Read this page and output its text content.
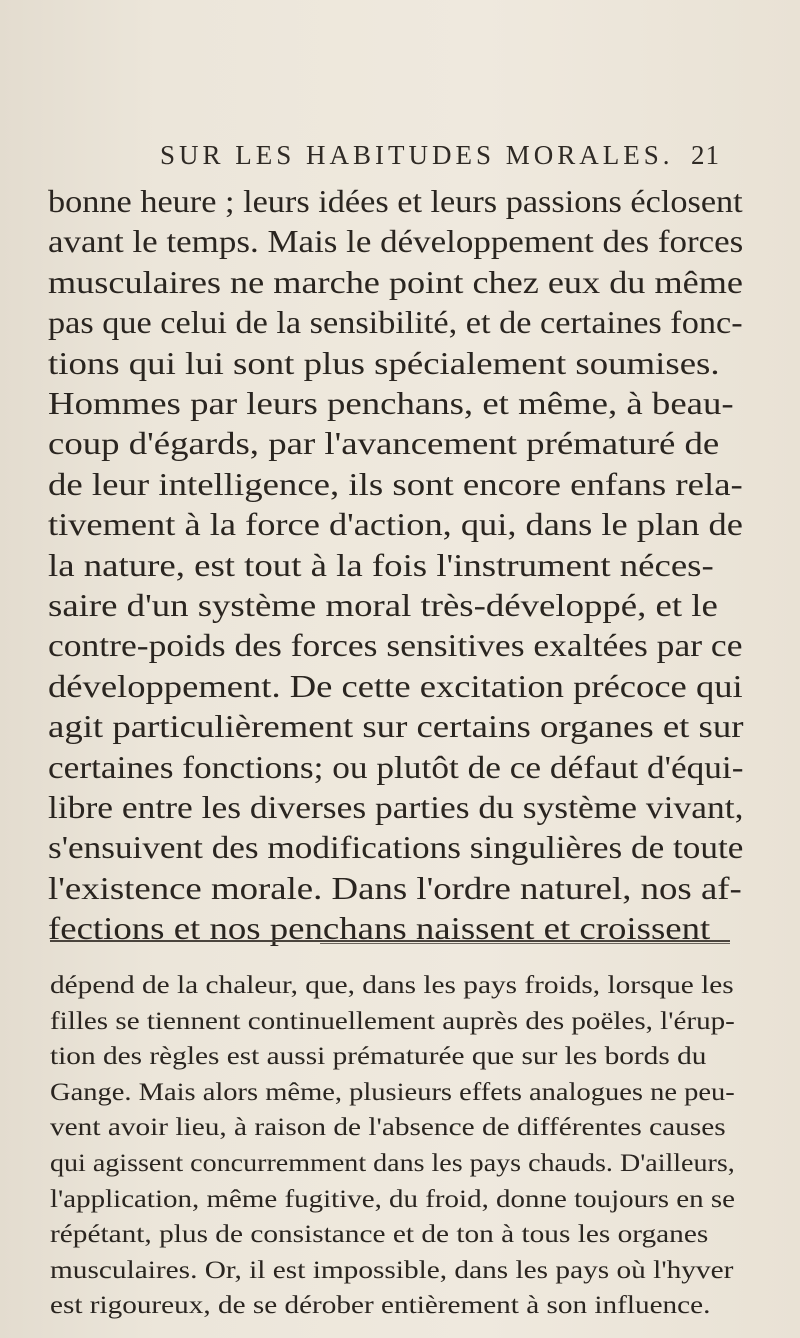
SUR LES HABITUDES MORALES. 21
bonne heure ; leurs idées et leurs passions éclosent
avant le temps. Mais le développement des forces
musculaires ne marche point chez eux du même
pas que celui de la sensibilité, et de certaines fonc-
tions qui lui sont plus spécialement soumises.
Hommes par leurs penchans, et même, à beau-
coup d'égards, par l'avancement prématuré de
de leur intelligence, ils sont encore enfans rela-
tivement à la force d'action, qui, dans le plan de
la nature, est tout à la fois l'instrument néces-
saire d'un système moral très-développé, et le
contre-poids des forces sensitives exaltées par ce
développement. De cette excitation précoce qui
agit particulièrement sur certains organes et sur
certaines fonctions; ou plutôt de ce défaut d'équi-
libre entre les diverses parties du système vivant,
s'ensuivent des modifications singulières de toute
l'existence morale. Dans l'ordre naturel, nos af-
fections et nos penchans naissent et croissent
dépend de la chaleur, que, dans les pays froids, lorsque les
filles se tiennent continuellement auprès des poëles, l'érup-
tion des règles est aussi prématurée que sur les bords du
Gange. Mais alors même, plusieurs effets analogues ne peu-
vent avoir lieu, à raison de l'absence de différentes causes
qui agissent concurremment dans les pays chauds. D'ailleurs,
l'application, même fugitive, du froid, donne toujours en se
répétant, plus de consistance et de ton à tous les organes
musculaires. Or, il est impossible, dans les pays où l'hyver
est rigoureux, de se dérober entièrement à son influence.
